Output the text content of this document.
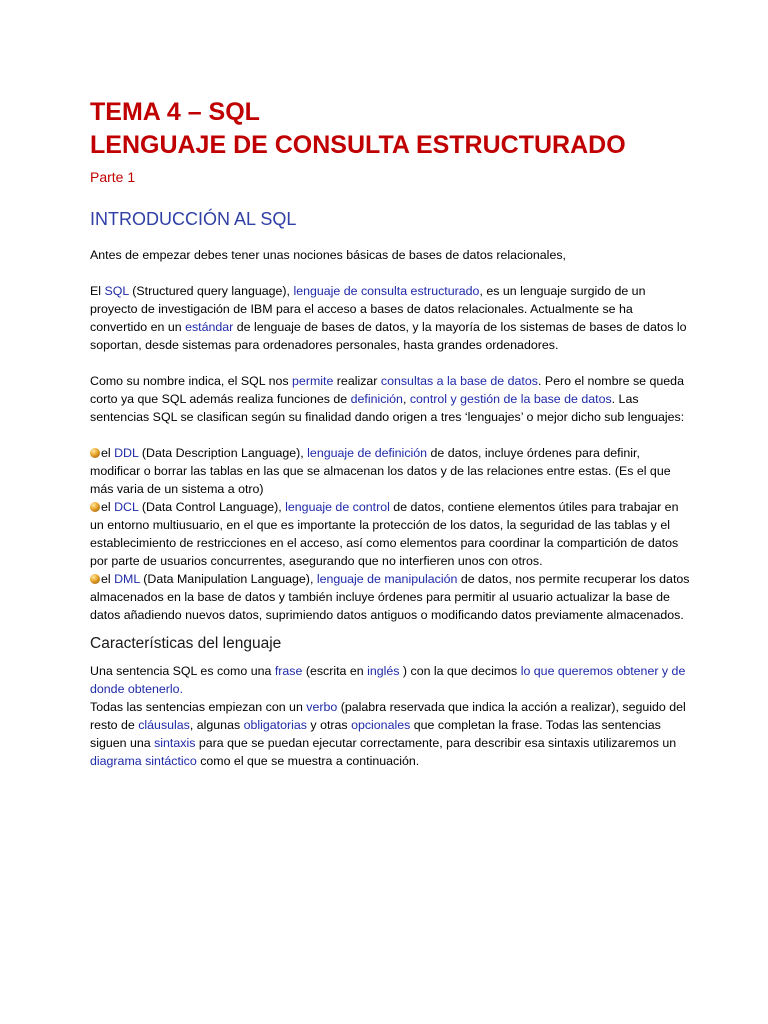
TEMA 4 – SQL
LENGUAJE DE CONSULTA ESTRUCTURADO
Parte 1
INTRODUCCIÓN AL SQL

Antes de empezar debes tener unas nociones básicas de bases de datos relacionales,

El SQL (Structured query language), lenguaje de consulta estructurado, es un lenguaje surgido de un proyecto de investigación de IBM para el acceso a bases de datos relacionales. Actualmente se ha convertido en un estándar de lenguaje de bases de datos, y la mayoría de los sistemas de bases de datos lo soportan, desde sistemas para ordenadores personales, hasta grandes ordenadores.

Como su nombre indica, el SQL nos permite realizar consultas a la base de datos. Pero el nombre se queda corto ya que SQL además realiza funciones de definición, control y gestión de la base de datos. Las sentencias SQL se clasifican según su finalidad dando origen a tres ‘lenguajes’ o mejor dicho sub lenguajes:

el DDL (Data Description Language), lenguaje de definición de datos, incluye órdenes para definir, modificar o borrar las tablas en las que se almacenan los datos y de las relaciones entre estas. (Es el que más varia de un sistema a otro)

el DCL (Data Control Language), lenguaje de control de datos, contiene elementos útiles para trabajar en un entorno multiusuario, en el que es importante la protección de los datos, la seguridad de las tablas y el establecimiento de restricciones en el acceso, así como elementos para coordinar la compartición de datos por parte de usuarios concurrentes, asegurando que no interfieren unos con otros.

el DML (Data Manipulation Language), lenguaje de manipulación de datos, nos permite recuperar los datos almacenados en la base de datos y también incluye órdenes para permitir al usuario actualizar la base de datos añadiendo nuevos datos, suprimiendo datos antiguos o modificando datos previamente almacenados.

Características del lenguaje

Una sentencia SQL es como una frase (escrita en inglés ) con la que decimos lo que queremos obtener y de donde obtenerlo.

Todas las sentencias empiezan con un verbo (palabra reservada que indica la acción a realizar), seguido del resto de cláusulas, algunas obligatorias y otras opcionales que completan la frase. Todas las sentencias siguen una sintaxis para que se puedan ejecutar correctamente, para describir esa sintaxis utilizaremos un diagrama sintáctico como el que se muestra a continuación.
